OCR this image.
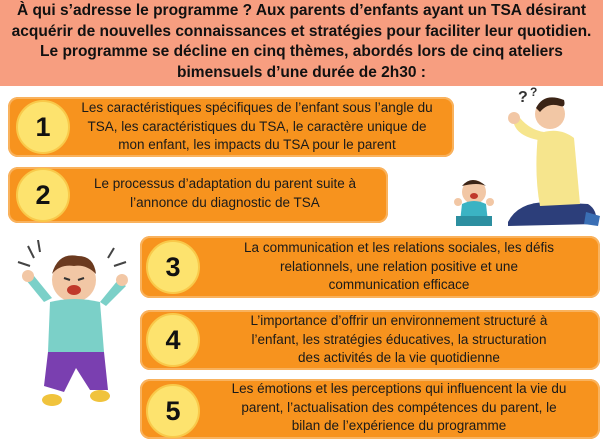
À qui s’adresse le programme ? Aux parents d’enfants ayant un TSA désirant
acquérir de nouvelles connaissances et stratégies pour faciliter leur quotidien.
Le programme se décline en cinq thèmes, abordés lors de cinq ateliers
bimensuels d’une durée de 2h30 :
1
Les caractéristiques spécifiques de l’enfant sous l’angle du
TSA, les caractéristiques du TSA, le caractère unique de
mon enfant, les impacts du TSA pour le parent
2	Le processus d’adaptation du parent suite à
l’annonce du diagnostic de TSA
3
La communication et les relations sociales, les défis
relationnels, une relation positive et une
communication efficace
4
L’importance d’offrir un environnement structuré à
l’enfant, les stratégies éducatives, la structuration
des activités de la vie quotidienne
5
Les émotions et les perceptions qui influencent la vie du
parent, l’actualisation des compétences du parent, le
bilan de l’expérience du programme
? ?
